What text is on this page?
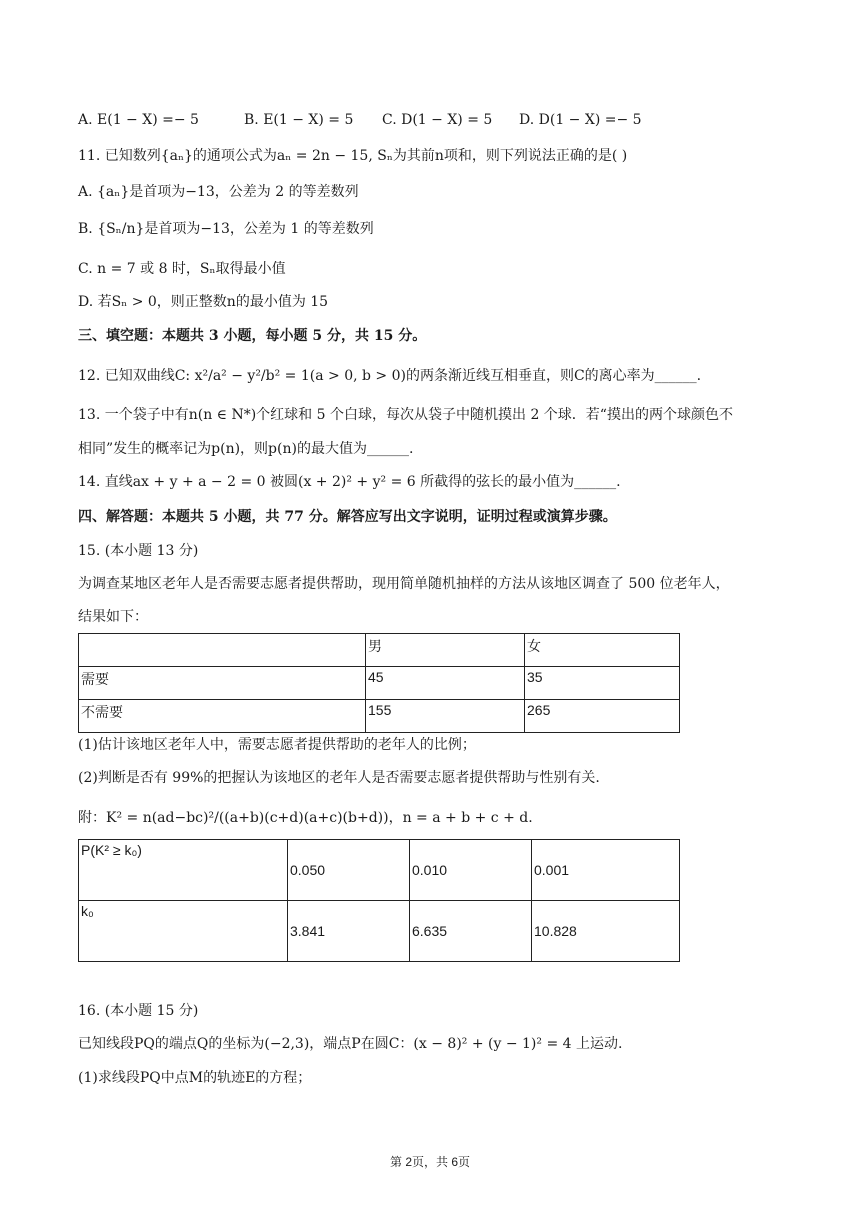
A. E(1 − X) =− 5	B. E(1 − X) = 5 C. D(1 − X) = 5 D. D(1 − X) =− 5
11. 已知数列{aₙ}的通项公式为aₙ = 2n − 15, Sₙ为其前n项和，则下列说法正确的是( )
A. {aₙ}是首项为−13，公差为 2 的等差数列
B. {Sₙ/n}是首项为−13，公差为 1 的等差数列
C. n = 7 或 8 时，Sₙ取得最小值
D. 若Sₙ > 0，则正整数n的最小值为 15
三、填空题：本题共 3 小题，每小题 5 分，共 15 分。
12. 已知双曲线C: x²/a² − y²/b² = 1(a > 0, b > 0)的两条渐近线互相垂直，则C的离心率为______.
13. 一个袋子中有n(n ∈ N*)个红球和 5 个白球，每次从袋子中随机摸出 2 个球．若“摸出的两个球颜色不
相同”发生的概率记为p(n)，则p(n)的最大值为______.
14. 直线ax + y + a − 2 = 0 被圆(x + 2)² + y² = 6 所截得的弦长的最小值为______.
四、解答题：本题共 5 小题，共 77 分。解答应写出文字说明，证明过程或演算步骤。
15. (本小题 13 分)
为调查某地区老年人是否需要志愿者提供帮助，现用简单随机抽样的方法从该地区调查了 500 位老年人，
结果如下：
	男	女
需要	45	35
不需要	155	265
(1)估计该地区老年人中，需要志愿者提供帮助的老年人的比例；
(2)判断是否有 99%的把握认为该地区的老年人是否需要志愿者提供帮助与性别有关.
附：K² = n(ad−bc)²/((a+b)(c+d)(a+c)(b+d))，n = a + b + c + d.
P(K² ≥ k₀)	0.050	0.010	0.001
k₀	3.841	6.635	10.828
16. (本小题 15 分)
已知线段PQ的端点Q的坐标为(−2,3)，端点P在圆C：(x − 8)² + (y − 1)² = 4 上运动.
(1)求线段PQ中点M的轨迹E的方程；
第 2页，共 6页
